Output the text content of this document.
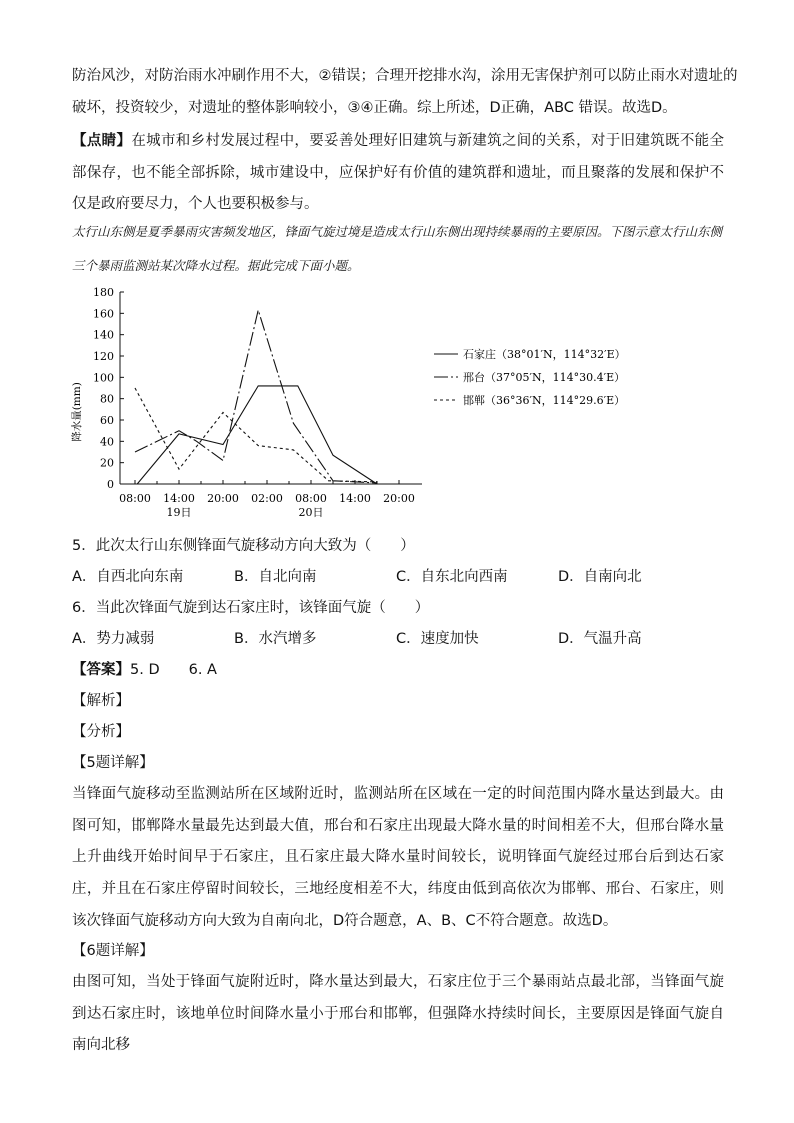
防治风沙，对防治雨水冲刷作用不大，②错误；合理开挖排水沟，涂用无害保护剂可以防止雨水对遗址的
破坏，投资较少，对遗址的整体影响较小，③④正确。综上所述，D正确，ABC 错误。故选D。
【点睛】在城市和乡村发展过程中，要妥善处理好旧建筑与新建筑之间的关系，对于旧建筑既不能全部保存，也不能全部拆除，城市建设中，应保护好有价值的建筑群和遗址，而且聚落的发展和保护不仅是政府要尽力，个人也要积极参与。
太行山东侧是夏季暴雨灾害频发地区，锋面气旋过境是造成太行山东侧出现持续暴雨的主要原因。下图示意太行山东侧三个暴雨监测站某次降水过程。据此完成下面小题。
降水量(mm)
0
20
40
60
80
100
120
140
160
180
08:00 14:00 20:00 02:00 08:00 14:00 20:00
19日	20日
石家庄（38°01′N，114°32′E）
邢台（37°05′N，114°30.4′E）
邯郸（36°36′N，114°29.6′E）
5．此次太行山东侧锋面气旋移动方向大致为（　　）
A．自西北向东南	B．自北向南	C．自东北向西南	D．自南向北
6．当此次锋面气旋到达石家庄时，该锋面气旋（　　）
A．势力减弱	B．水汽增多	C．速度加快	D．气温升高
【答案】5. D　　6. A
【解析】
【分析】
【5题详解】
当锋面气旋移动至监测站所在区域附近时，监测站所在区域在一定的时间范围内降水量达到最大。由图可知，邯郸降水量最先达到最大值，邢台和石家庄出现最大降水量的时间相差不大，但邢台降水量上升曲线开始时间早于石家庄，且石家庄最大降水量时间较长，说明锋面气旋经过邢台后到达石家庄，并且在石家庄停留时间较长，三地经度相差不大，纬度由低到高依次为邯郸、邢台、石家庄，则该次锋面气旋移动方向大致为自南向北，D符合题意，A、B、C不符合题意。故选D。
【6题详解】
由图可知，当处于锋面气旋附近时，降水量达到最大，石家庄位于三个暴雨站点最北部，当锋面气旋到达石家庄时，该地单位时间降水量小于邢台和邯郸，但强降水持续时间长，主要原因是锋面气旋自南向北移
